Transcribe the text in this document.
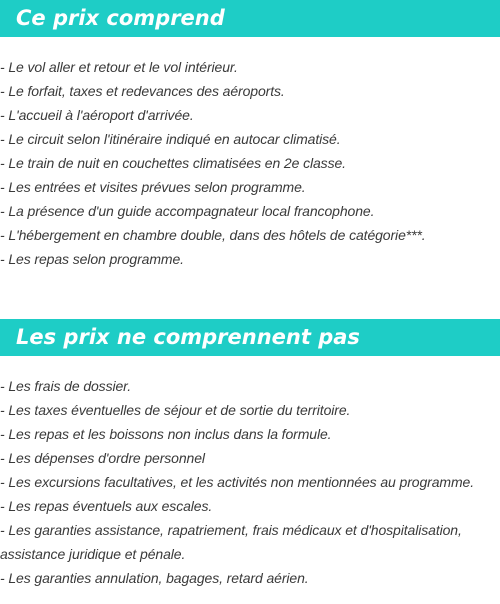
Ce prix comprend
- Le vol aller et retour et le vol intérieur.
- Le forfait, taxes et redevances des aéroports.
- L'accueil à l'aéroport d'arrivée.
- Le circuit selon l'itinéraire indiqué en autocar climatisé.
- Le train de nuit en couchettes climatisées en 2e classe.
- Les entrées et visites prévues selon programme.
- La présence d'un guide accompagnateur local francophone.
- L'hébergement en chambre double, dans des hôtels de catégorie***.
- Les repas selon programme.
Les prix ne comprennent pas
- Les frais de dossier.
- Les taxes éventuelles de séjour et de sortie du territoire.
- Les repas et les boissons non inclus dans la formule.
- Les dépenses d'ordre personnel
- Les excursions facultatives, et les activités non mentionnées au programme.
- Les repas éventuels aux escales.
- Les garanties assistance, rapatriement, frais médicaux et d'hospitalisation, assistance juridique et pénale.
- Les garanties annulation, bagages, retard aérien.
